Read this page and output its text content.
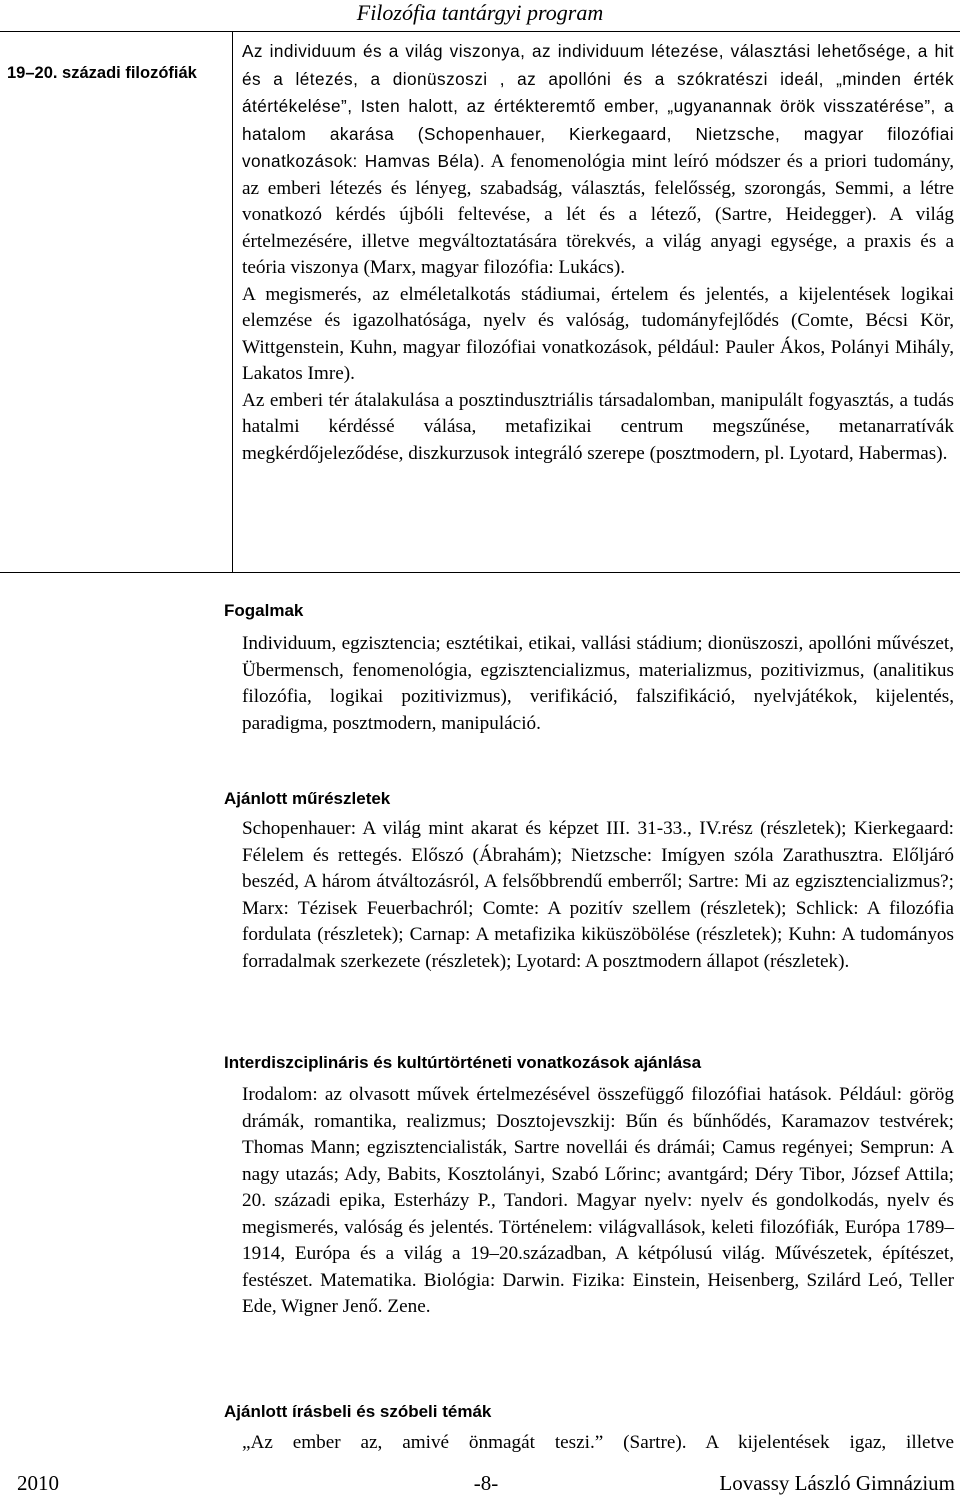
Filozófia tantárgyi program
19–20. századi filozófiák

Az individuum és a világ viszonya, az individuum létezése, választási lehetősége, a hit és a létezés, a dionüszoszi , az apollóni és a szókratészi ideál, „minden érték átértékelése”, Isten halott, az értékteremtő ember, „ugyanannak örök visszatérése”, a hatalom akarása (Schopenhauer, Kierkegaard, Nietzsche, magyar filozófiai vonatkozások: Hamvas Béla). A fenomenológia mint leíró módszer és a priori tudomány, az emberi létezés és lényeg, szabadság, választás, felelősség, szorongás, Semmi, a létre vonatkozó kérdés újbóli feltevése, a lét és a létező, (Sartre, Heidegger). A világ értelmezésére, illetve megváltoztatására törekvés, a világ anyagi egysége, a praxis és a teória viszonya (Marx, magyar filozófia: Lukács).

A megismerés, az elméletalkotás stádiumai, értelem és jelentés, a kijelentések logikai elemzése és igazolhatósága, nyelv és valóság, tudományfejlődés (Comte, Bécsi Kör, Wittgenstein, Kuhn, magyar filozófiai vonatkozások, például: Pauler Ákos, Polányi Mihály, Lakatos Imre).

Az emberi tér átalakulása a posztindusztriális társadalomban, manipulált fogyasztás, a tudás hatalmi kérdéssé válása, metafizikai centrum megszűnése, metanarratívák megkérdőjeleződése, diszkurzusok integráló szerepe (posztmodern, pl. Lyotard, Habermas).

Fogalmak

Individuum, egzisztencia; esztétikai, etikai, vallási stádium; dionüszoszi, apollóni művészet, Übermensch, fenomenológia, egzisztencializmus, materializmus, pozitivizmus, (analitikus filozófia, logikai pozitivizmus), verifikáció, falszifikáció, nyelvjátékok, kijelentés, paradigma, posztmodern, manipuláció.

Ajánlott műrészletek

Schopenhauer: A világ mint akarat és képzet III. 31-33., IV.rész (részletek); Kierkegaard: Félelem és rettegés. Előszó (Ábrahám); Nietzsche: Imígyen szóla Zarathusztra. Előljáró beszéd, A három átváltozásról, A felsőbbrendű emberről; Sartre: Mi az egzisztencializmus?; Marx: Tézisek Feuerbachról; Comte: A pozitív szellem (részletek); Schlick: A filozófia fordulata (részletek); Carnap: A metafizika kiküszöbölése (részletek); Kuhn: A tudományos forradalmak szerkezete (részletek); Lyotard: A posztmodern állapot (részletek).

Interdiszciplináris és kultúrtörténeti vonatkozások ajánlása

Irodalom: az olvasott művek értelmezésével összefüggő filozófiai hatások. Például: görög drámák, romantika, realizmus; Dosztojevszkij: Bűn és bűnhődés, Karamazov testvérek; Thomas Mann; egzisztencialisták, Sartre novellái és drámái; Camus regényei; Semprun: A nagy utazás; Ady, Babits, Kosztolányi, Szabó Lőrinc; avantgárd; Déry Tibor, József Attila; 20. századi epika, Esterházy P., Tandori. Magyar nyelv: nyelv és gondolkodás, nyelv és megismerés, valóság és jelentés. Történelem: világvallások, keleti filozófiák, Európa 1789–1914, Európa és a világ a 19–20.században, A kétpólusú világ. Művészetek, építészet, festészet. Matematika. Biológia: Darwin. Fizika: Einstein, Heisenberg, Szilárd Leó, Teller Ede, Wigner Jenő. Zene.

Ajánlott írásbeli és szóbeli témák
„Az ember az, amivé önmagát teszi.” (Sartre). A kijelentések igaz, illetve
2010	-8-	Lovassy László Gimnázium
